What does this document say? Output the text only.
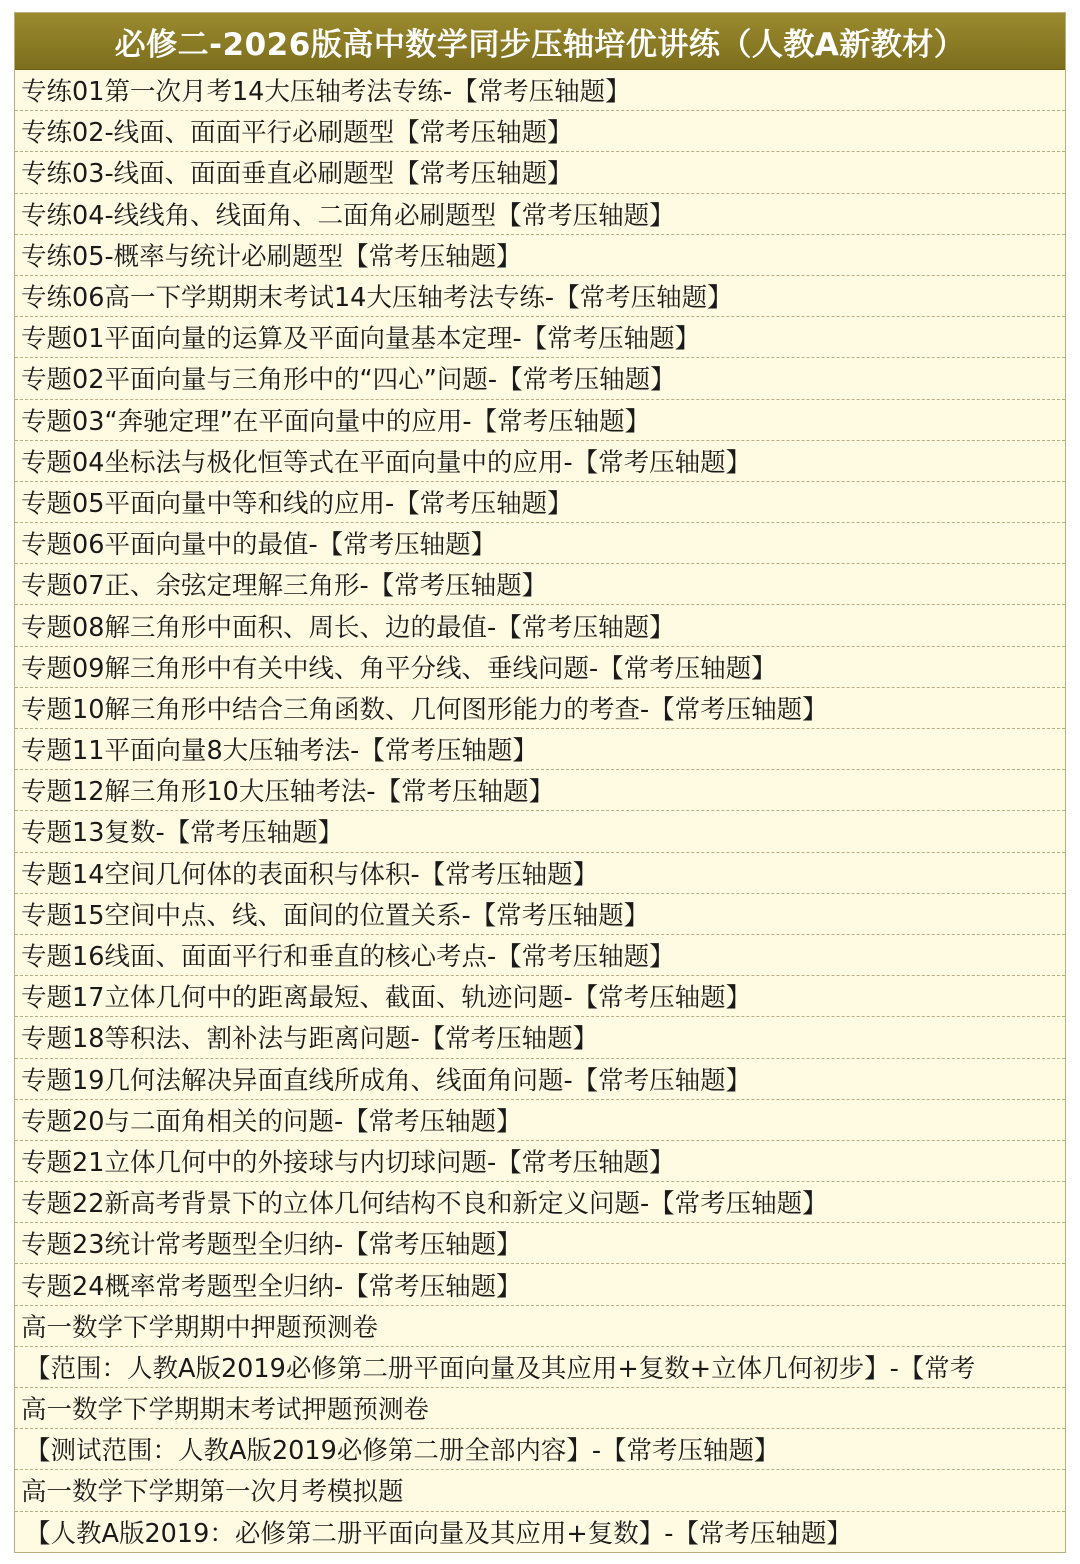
必修二-2026版高中数学同步压轴培优讲练（人教A新教材）
专练01第一次月考14大压轴考法专练-【常考压轴题】
专练02-线面、面面平行必刷题型【常考压轴题】
专练03-线面、面面垂直必刷题型【常考压轴题】
专练04-线线角、线面角、二面角必刷题型【常考压轴题】
专练05-概率与统计必刷题型【常考压轴题】
专练06高一下学期期末考试14大压轴考法专练-【常考压轴题】
专题01平面向量的运算及平面向量基本定理-【常考压轴题】
专题02平面向量与三角形中的“四心”问题-【常考压轴题】
专题03“奔驰定理”在平面向量中的应用-【常考压轴题】
专题04坐标法与极化恒等式在平面向量中的应用-【常考压轴题】
专题05平面向量中等和线的应用-【常考压轴题】
专题06平面向量中的最值-【常考压轴题】
专题07正、余弦定理解三角形-【常考压轴题】
专题08解三角形中面积、周长、边的最值-【常考压轴题】
专题09解三角形中有关中线、角平分线、垂线问题-【常考压轴题】
专题10解三角形中结合三角函数、几何图形能力的考查-【常考压轴题】
专题11平面向量8大压轴考法-【常考压轴题】
专题12解三角形10大压轴考法-【常考压轴题】
专题13复数-【常考压轴题】
专题14空间几何体的表面积与体积-【常考压轴题】
专题15空间中点、线、面间的位置关系-【常考压轴题】
专题16线面、面面平行和垂直的核心考点-【常考压轴题】
专题17立体几何中的距离最短、截面、轨迹问题-【常考压轴题】
专题18等积法、割补法与距离问题-【常考压轴题】
专题19几何法解决异面直线所成角、线面角问题-【常考压轴题】
专题20与二面角相关的问题-【常考压轴题】
专题21立体几何中的外接球与内切球问题-【常考压轴题】
专题22新高考背景下的立体几何结构不良和新定义问题-【常考压轴题】
专题23统计常考题型全归纳-【常考压轴题】
专题24概率常考题型全归纳-【常考压轴题】
高一数学下学期期中押题预测卷
【范围：人教A版2019必修第二册平面向量及其应用+复数+立体几何初步】-【常考
高一数学下学期期末考试押题预测卷
【测试范围：人教A版2019必修第二册全部内容】-【常考压轴题】
高一数学下学期第一次月考模拟题
【人教A版2019：必修第二册平面向量及其应用+复数】-【常考压轴题】
